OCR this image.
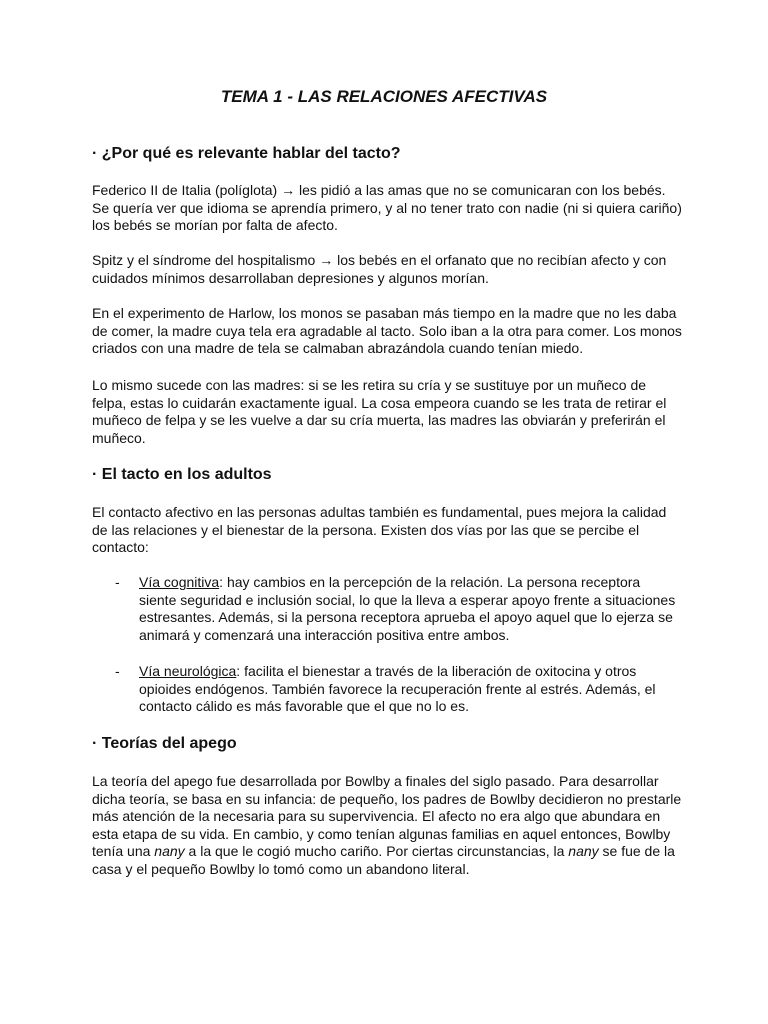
TEMA 1 - LAS RELACIONES AFECTIVAS
· ¿Por qué es relevante hablar del tacto?

Federico II de Italia (políglota) → les pidió a las amas que no se comunicaran con los bebés. Se quería ver que idioma se aprendía primero, y al no tener trato con nadie (ni si quiera cariño) los bebés se morían por falta de afecto.

Spitz y el síndrome del hospitalismo → los bebés en el orfanato que no recibían afecto y con cuidados mínimos desarrollaban depresiones y algunos morían.

En el experimento de Harlow, los monos se pasaban más tiempo en la madre que no les daba de comer, la madre cuya tela era agradable al tacto. Solo iban a la otra para comer. Los monos criados con una madre de tela se calmaban abrazándola cuando tenían miedo.

Lo mismo sucede con las madres: si se les retira su cría y se sustituye por un muñeco de felpa, estas lo cuidarán exactamente igual. La cosa empeora cuando se les trata de retirar el muñeco de felpa y se les vuelve a dar su cría muerta, las madres las obviarán y preferirán el muñeco.

· El tacto en los adultos

El contacto afectivo en las personas adultas también es fundamental, pues mejora la calidad de las relaciones y el bienestar de la persona. Existen dos vías por las que se percibe el contacto:

- Vía cognitiva: hay cambios en la percepción de la relación. La persona receptora siente seguridad e inclusión social, lo que la lleva a esperar apoyo frente a situaciones estresantes. Además, si la persona receptora aprueba el apoyo aquel que lo ejerza se animará y comenzará una interacción positiva entre ambos.
- Vía neurológica: facilita el bienestar a través de la liberación de oxitocina y otros opioides endógenos. También favorece la recuperación frente al estrés. Además, el contacto cálido es más favorable que el que no lo es.
· Teorías del apego

La teoría del apego fue desarrollada por Bowlby a finales del siglo pasado. Para desarrollar dicha teoría, se basa en su infancia: de pequeño, los padres de Bowlby decidieron no prestarle más atención de la necesaria para su supervivencia. El afecto no era algo que abundara en esta etapa de su vida. En cambio, y como tenían algunas familias en aquel entonces, Bowlby tenía una nany a la que le cogió mucho cariño. Por ciertas circunstancias, la nany se fue de la casa y el pequeño Bowlby lo tomó como un abandono literal.
